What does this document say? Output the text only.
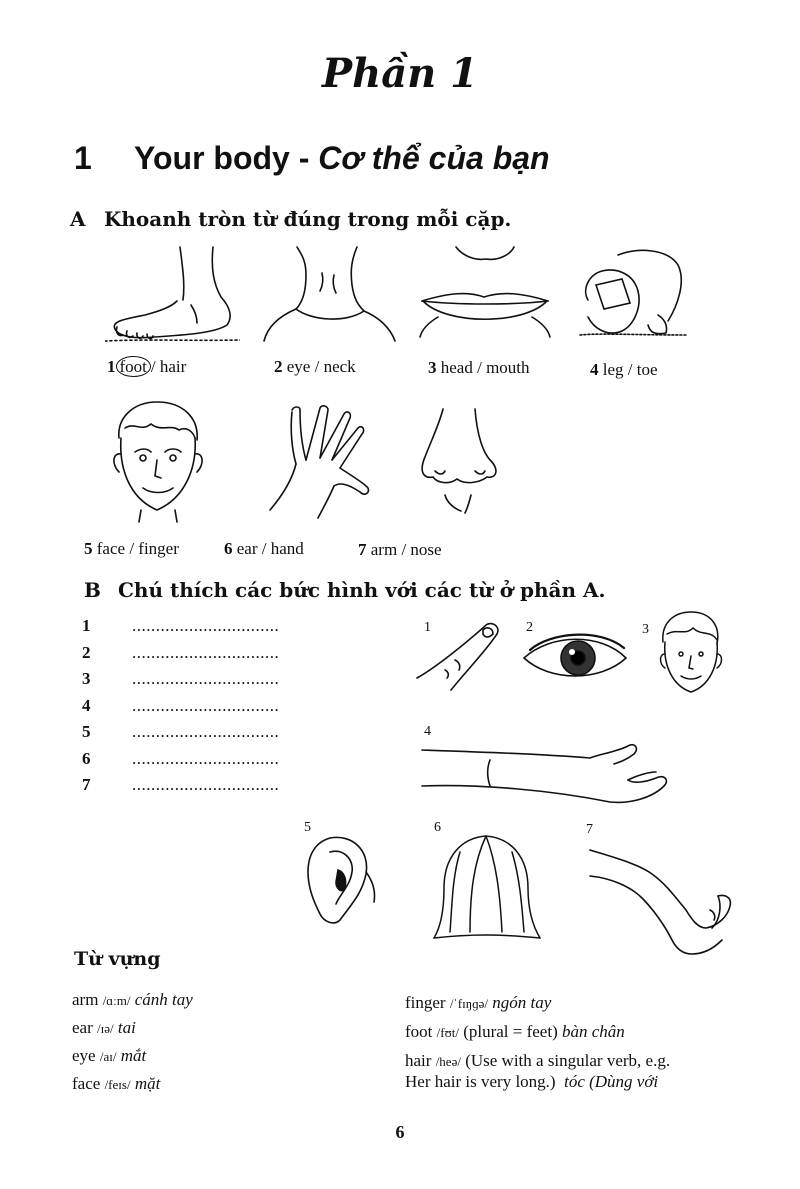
Phần 1
1 Your body - Cơ thể của bạn
A Khoanh tròn từ đúng trong mỗi cặp.
1 foot / hair	2 eye / neck	3 head / mouth	4 leg / toe
5 face / finger	6 ear / hand	7 arm / nose
B Chú thích các bức hình với các từ ở phần A.
1 ...............................
2 ...............................
3 ...............................
4 ...............................
5 ...............................
6 ...............................
7 ...............................
1	2	3
4
5	6	7
Từ vựng
arm /ɑːm/ cánh tay
ear /ɪə/ tai
eye /aɪ/ mắt
face /feɪs/ mặt
finger /ˈfɪŋɡə/ ngón tay
foot /fʊt/ (plural = feet) bàn chân
hair /heə/ (Use with a singular verb, e.g.
Her hair is very long.) tóc (Dùng với
6
